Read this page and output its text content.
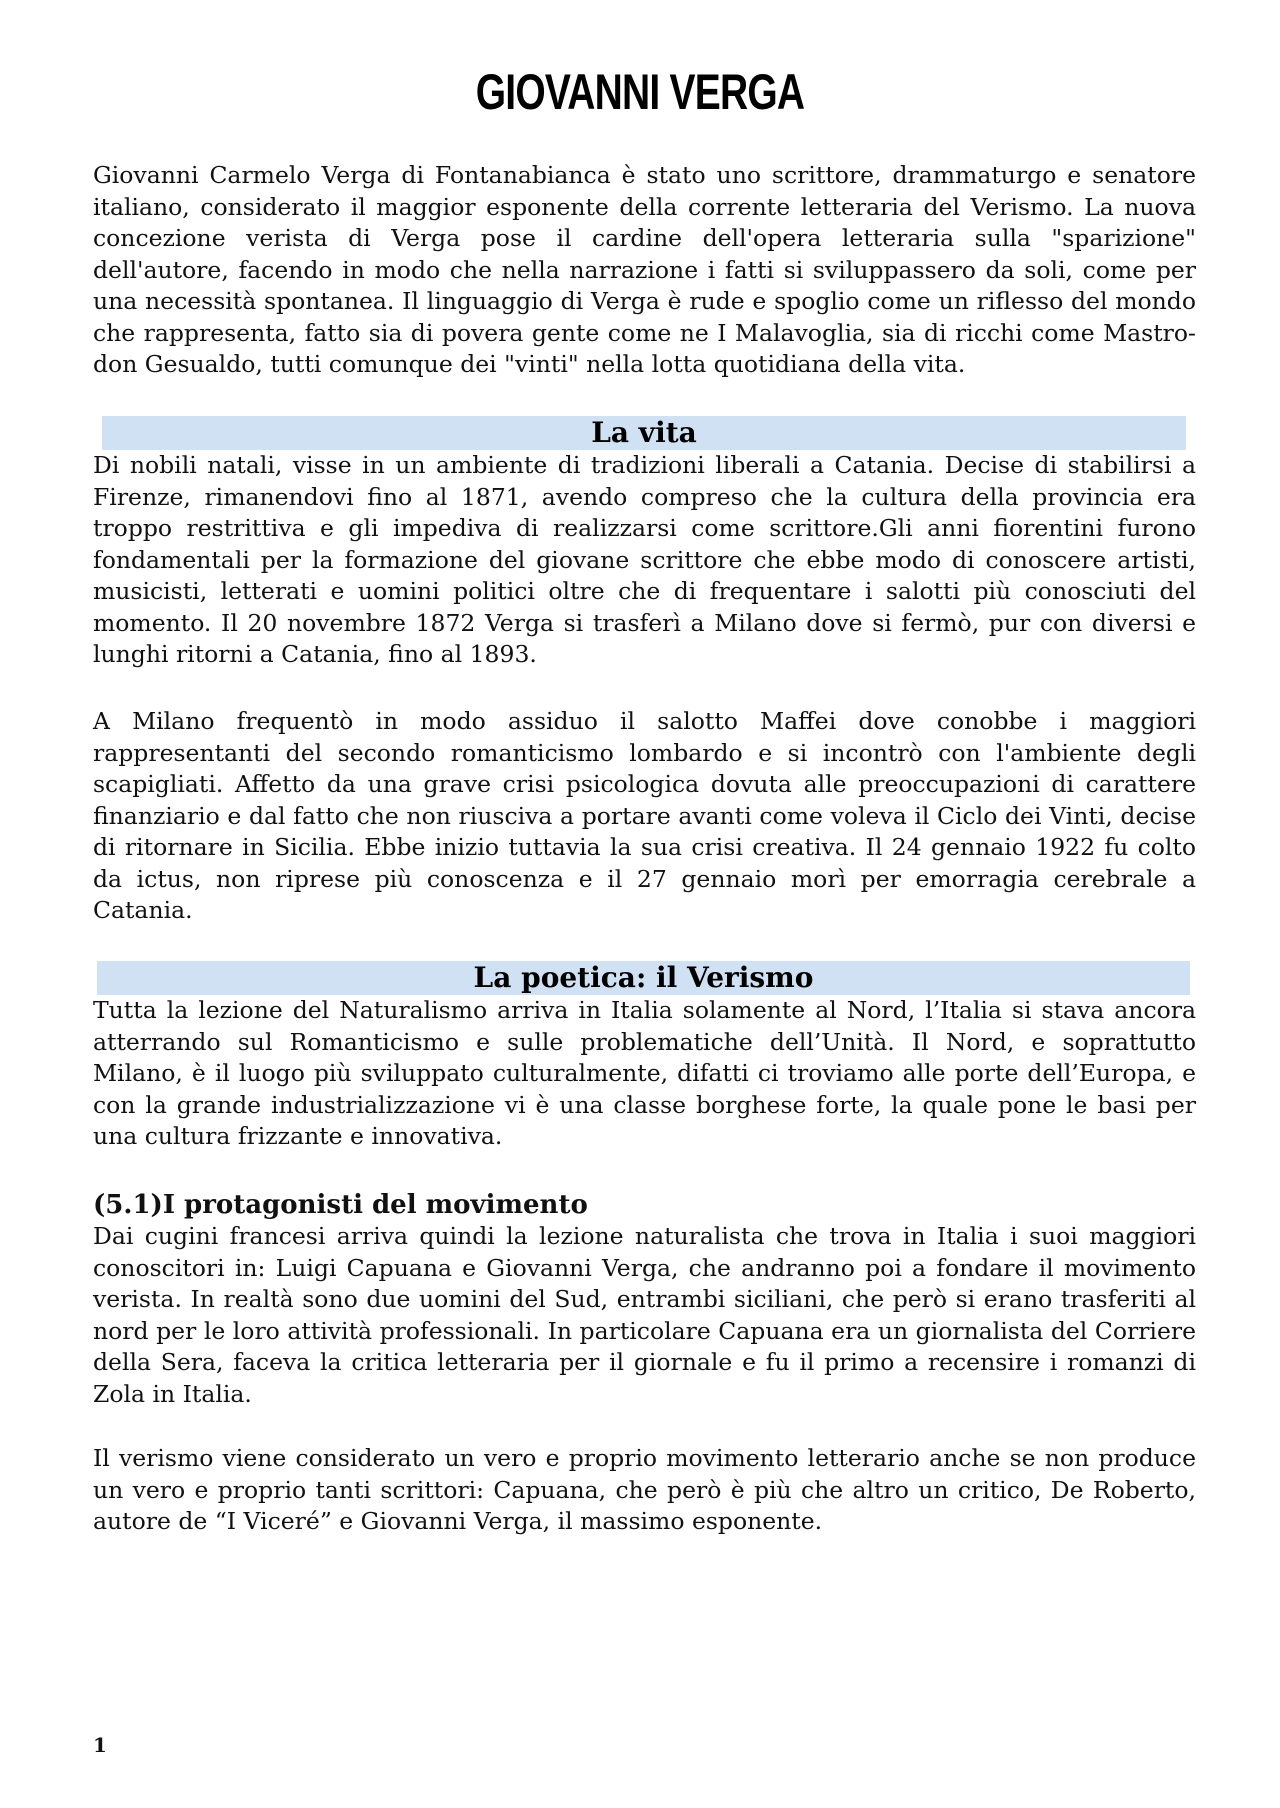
GIOVANNI VERGA

Giovanni Carmelo Verga di Fontanabianca è stato uno scrittore, drammaturgo e senatore italiano, considerato il maggior esponente della corrente letteraria del Verismo. La nuova concezione verista di Verga pose il cardine dell'opera letteraria sulla "sparizione" dell'autore, facendo in modo che nella narrazione i fatti si sviluppassero da soli, come per una necessità spontanea. Il linguaggio di Verga è rude e spoglio come un riflesso del mondo che rappresenta, fatto sia di povera gente come ne I Malavoglia, sia di ricchi come Mastro-don Gesualdo, tutti comunque dei "vinti" nella lotta quotidiana della vita.

La vita

Di nobili natali, visse in un ambiente di tradizioni liberali a Catania. Decise di stabilirsi a Firenze, rimanendovi fino al 1871, avendo compreso che la cultura della provincia era troppo restrittiva e gli impediva di realizzarsi come scrittore.Gli anni fiorentini furono fondamentali per la formazione del giovane scrittore che ebbe modo di conoscere artisti, musicisti, letterati e uomini politici oltre che di frequentare i salotti più conosciuti del momento. Il 20 novembre 1872 Verga si trasferì a Milano dove si fermò, pur con diversi e lunghi ritorni a Catania, fino al 1893.

A Milano frequentò in modo assiduo il salotto Maffei dove conobbe i maggiori rappresentanti del secondo romanticismo lombardo e si incontrò con l'ambiente degli scapigliati. Affetto da una grave crisi psicologica dovuta alle preoccupazioni di carattere finanziario e dal fatto che non riusciva a portare avanti come voleva il Ciclo dei Vinti, decise di ritornare in Sicilia. Ebbe inizio tuttavia la sua crisi creativa. Il 24 gennaio 1922 fu colto da ictus, non riprese più conoscenza e il 27 gennaio morì per emorragia cerebrale a Catania.

La poetica: il Verismo

Tutta la lezione del Naturalismo arriva in Italia solamente al Nord, l’Italia si stava ancora atterrando sul Romanticismo e sulle problematiche dell’Unità. Il Nord, e soprattutto Milano, è il luogo più sviluppato culturalmente, difatti ci troviamo alle porte dell’Europa, e con la grande industrializzazione vi è una classe borghese forte, la quale pone le basi per una cultura frizzante e innovativa.

(5.1)I protagonisti del movimento

Dai cugini francesi arriva quindi la lezione naturalista che trova in Italia i suoi maggiori conoscitori in: Luigi Capuana e Giovanni Verga, che andranno poi a fondare il movimento verista. In realtà sono due uomini del Sud, entrambi siciliani, che però si erano trasferiti al nord per le loro attività professionali. In particolare Capuana era un giornalista del Corriere della Sera, faceva la critica letteraria per il giornale e fu il primo a recensire i romanzi di Zola in Italia.

Il verismo viene considerato un vero e proprio movimento letterario anche se non produce un vero e proprio tanti scrittori: Capuana, che però è più che altro un critico, De Roberto, autore de “I Viceré” e Giovanni Verga, il massimo esponente.

1
